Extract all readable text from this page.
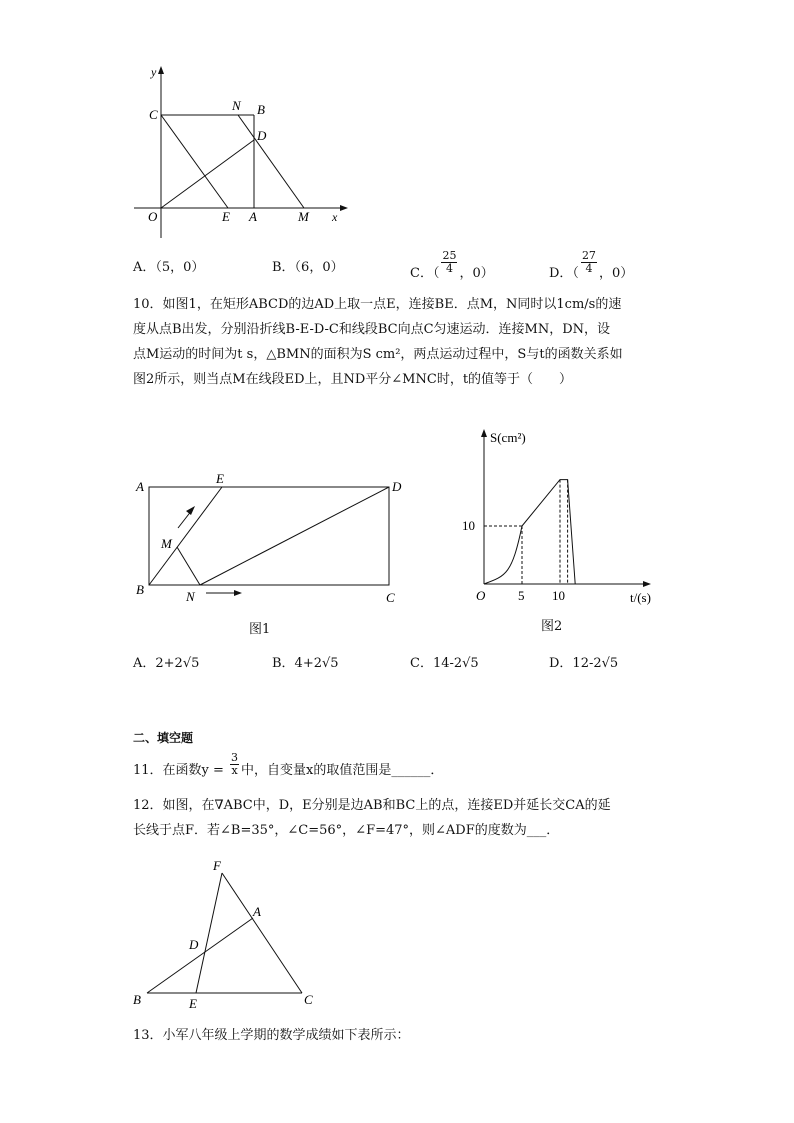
y
C
N B
D
O	E A	M x
A．（5，0）	B．（6，0）	C．（ $\frac{25}{4}$ ，0）	D．（ $\frac{27}{4}$ ，0）
10．如图1，在矩形ABCD的边AD上取一点E，连接BE．点M，N同时以1cm/s的速
度从点B出发，分别沿折线B-E-D-C和线段BC向点C匀速运动．连接MN，DN，设
点M运动的时间为t s，△BMN的面积为S cm²，两点运动过程中，S与t的函数关系如
图2所示，则当点M在线段ED上，且ND平分∠MNC时，t的值等于（　　）
A
E
D
M
B	N	C
图1
10
5 10
S(cm²)
t/(s)
O
图2
A．2+2√5	B．4+2√5	C．14-2√5	D．12-2√5
二、填空题
11．在函数$y = \frac{3}{x}$ 中，自变量x的取值范围是______．
12．如图，在∇ABC中，D，E分别是边AB和BC上的点，连接ED并延长交CA的延
长线于点F．若∠B=35°，∠C=56°，∠F=47°，则∠ADF的度数为___．
F
A
D
B	E	C
13．小军八年级上学期的数学成绩如下表所示：
